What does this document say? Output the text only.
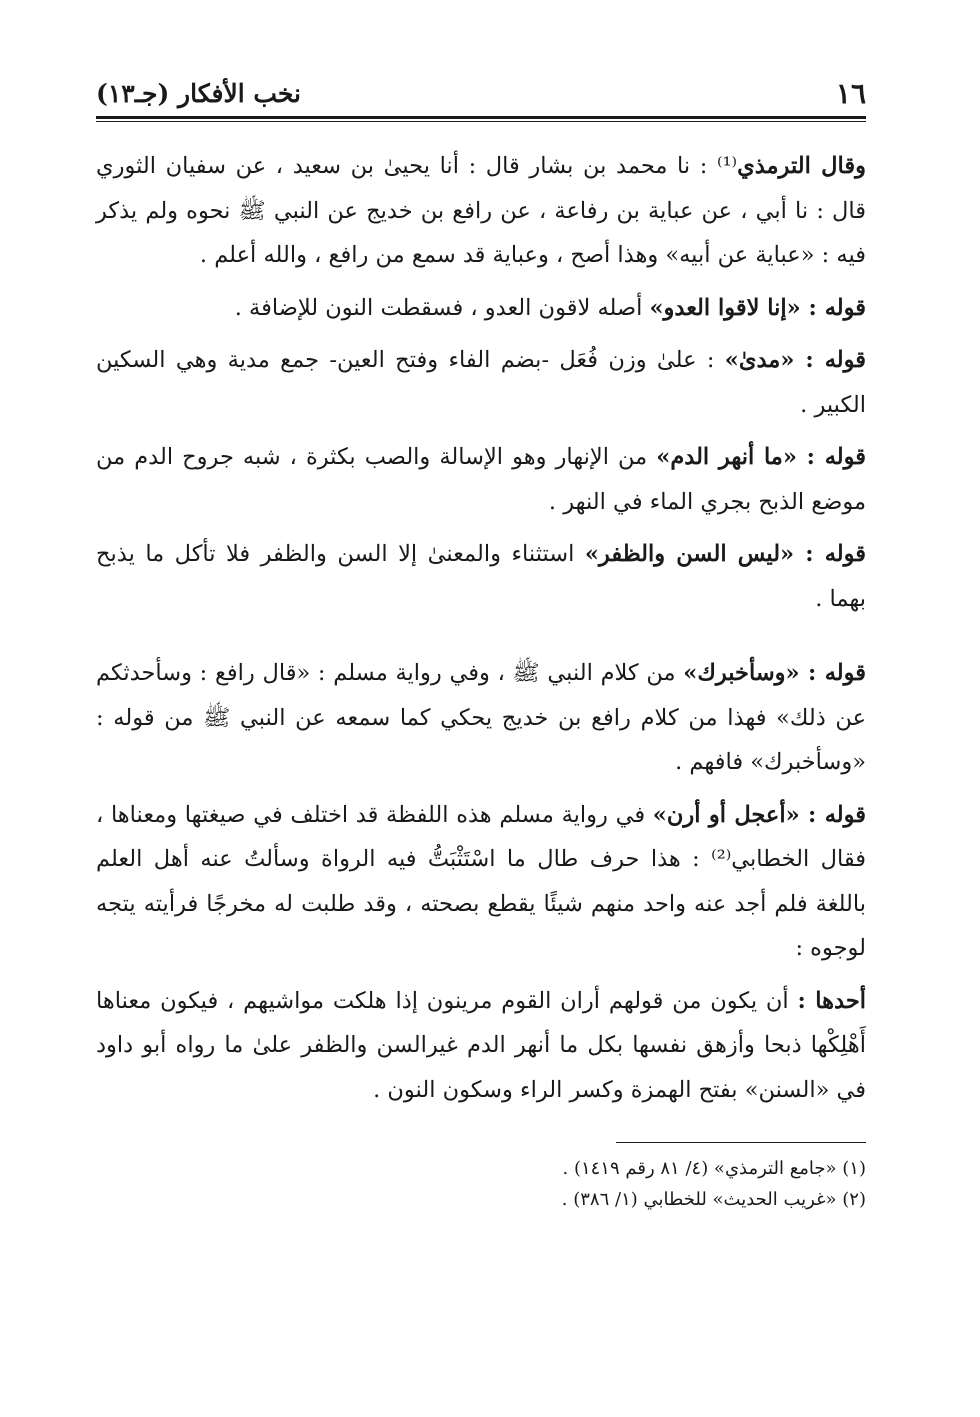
١٦
نخب الأفكار (جـ١٣)

وقال الترمذي⁽¹⁾ : نا محمد بن بشار قال : أنا يحيىٰ بن سعيد ، عن سفيان الثوري قال : نا أبي ، عن عباية بن رفاعة ، عن رافع بن خديج عن النبي ﷺ نحوه ولم يذكر فيه : «عباية عن أبيه» وهذا أصح ، وعباية قد سمع من رافع ، والله أعلم .

قوله : «إنا لاقوا العدو» أصله لاقون العدو ، فسقطت النون للإضافة .

قوله : «مدىٰ» : علىٰ وزن فُعَل -بضم الفاء وفتح العين- جمع مدية وهي السكين الكبير .

قوله : «ما أنهر الدم» من الإنهار وهو الإسالة والصب بكثرة ، شبه جروح الدم من موضع الذبح بجري الماء في النهر .

قوله : «ليس السن والظفر» استثناء والمعنىٰ إلا السن والظفر فلا تأكل ما يذبح بهما .

قوله : «وسأخبرك» من كلام النبي ﷺ ، وفي رواية مسلم : «قال رافع : وسأحدثكم عن ذلك» فهذا من كلام رافع بن خديج يحكي كما سمعه عن النبي ﷺ من قوله : «وسأخبرك» فافهم .

قوله : «أعجل أو أرن» في رواية مسلم هذه اللفظة قد اختلف في صيغتها ومعناها ، فقال الخطابي⁽²⁾ : هذا حرف طال ما اسْتَثْبَتُّ فيه الرواة وسألتُ عنه أهل العلم باللغة فلم أجد عنه واحد منهم شيئًا يقطع بصحته ، وقد طلبت له مخرجًا فرأيته يتجه لوجوه :

أحدها : أن يكون من قولهم أران القوم مرينون إذا هلكت مواشيهم ، فيكون معناها أَهْلِكْها ذبحا وأزهق نفسها بكل ما أنهر الدم غيرالسن والظفر علىٰ ما رواه أبو داود في «السنن» بفتح الهمزة وكسر الراء وسكون النون .

(١) «جامع الترمذي» (٤/ ٨١ رقم ١٤١٩) .

(٢) «غريب الحديث» للخطابي (١/ ٣٨٦) .
